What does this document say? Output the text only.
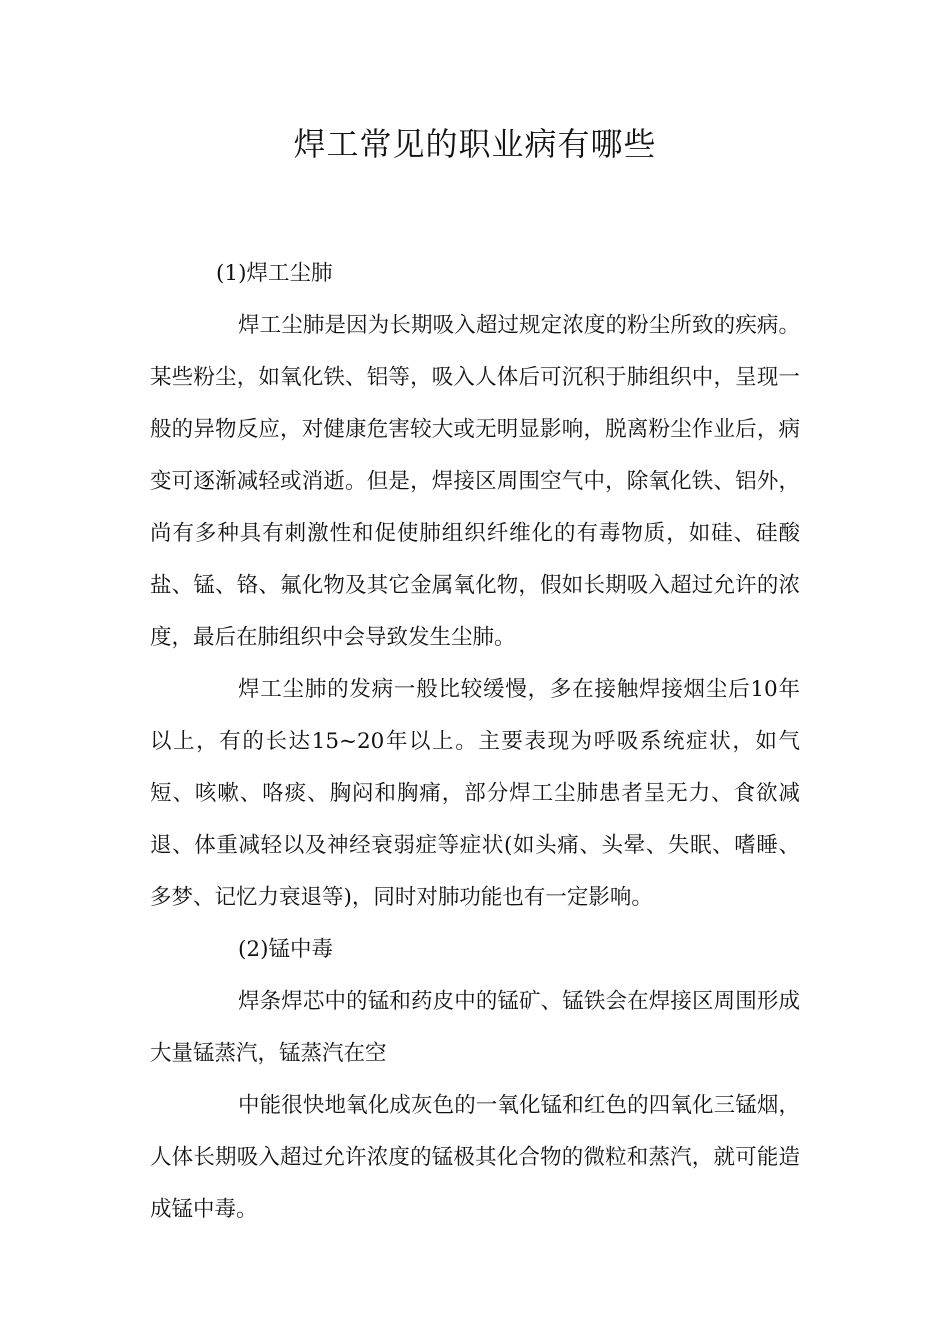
焊工常见的职业病有哪些

(1)焊工尘肺

焊工尘肺是因为长期吸入超过规定浓度的粉尘所致的疾病。某些粉尘，如氧化铁、铝等，吸入人体后可沉积于肺组织中，呈现一般的异物反应，对健康危害较大或无明显影响，脱离粉尘作业后，病变可逐渐减轻或消逝。但是，焊接区周围空气中，除氧化铁、铝外，尚有多种具有刺激性和促使肺组织纤维化的有毒物质，如硅、硅酸盐、锰、铬、氟化物及其它金属氧化物，假如长期吸入超过允许的浓度，最后在肺组织中会导致发生尘肺。

焊工尘肺的发病一般比较缓慢，多在接触焊接烟尘后10年以上，有的长达15~20年以上。主要表现为呼吸系统症状，如气短、咳嗽、咯痰、胸闷和胸痛，部分焊工尘肺患者呈无力、食欲减退、体重减轻以及神经衰弱症等症状(如头痛、头晕、失眠、嗜睡、多梦、记忆力衰退等)，同时对肺功能也有一定影响。

(2)锰中毒

焊条焊芯中的锰和药皮中的锰矿、锰铁会在焊接区周围形成大量锰蒸汽，锰蒸汽在空

中能很快地氧化成灰色的一氧化锰和红色的四氧化三锰烟，人体长期吸入超过允许浓度的锰极其化合物的微粒和蒸汽，就可能造成锰中毒。
